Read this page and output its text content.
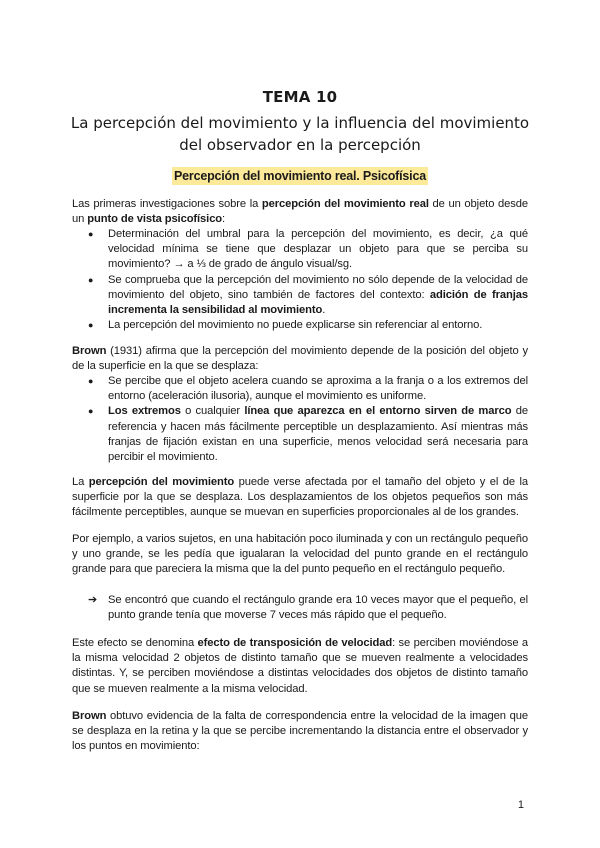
TEMA 10
La percepción del movimiento y la influencia del movimiento del observador en la percepción
Percepción del movimiento real. Psicofísica
Las primeras investigaciones sobre la percepción del movimiento real de un objeto desde un punto de vista psicofísico:
● Determinación del umbral para la percepción del movimiento, es decir, ¿a qué velocidad mínima se tiene que desplazar un objeto para que se perciba su movimiento? → a ⅓ de grado de ángulo visual/sg.
● Se comprueba que la percepción del movimiento no sólo depende de la velocidad de movimiento del objeto, sino también de factores del contexto: adición de franjas incrementa la sensibilidad al movimiento.
● La percepción del movimiento no puede explicarse sin referenciar al entorno.
Brown (1931) afirma que la percepción del movimiento depende de la posición del objeto y de la superficie en la que se desplaza:
● Se percibe que el objeto acelera cuando se aproxima a la franja o a los extremos del entorno (aceleración ilusoria), aunque el movimiento es uniforme.
● Los extremos o cualquier línea que aparezca en el entorno sirven de marco de referencia y hacen más fácilmente perceptible un desplazamiento. Así mientras más franjas de fijación existan en una superficie, menos velocidad será necesaria para percibir el movimiento.
La percepción del movimiento puede verse afectada por el tamaño del objeto y el de la superficie por la que se desplaza. Los desplazamientos de los objetos pequeños son más fácilmente perceptibles, aunque se muevan en superficies proporcionales al de los grandes.
Por ejemplo, a varios sujetos, en una habitación poco iluminada y con un rectángulo pequeño y uno grande, se les pedía que igualaran la velocidad del punto grande en el rectángulo grande para que pareciera la misma que la del punto pequeño en el rectángulo pequeño.
➔ Se encontró que cuando el rectángulo grande era 10 veces mayor que el pequeño, el punto grande tenía que moverse 7 veces más rápido que el pequeño.
Este efecto se denomina efecto de transposición de velocidad: se perciben moviéndose a la misma velocidad 2 objetos de distinto tamaño que se mueven realmente a velocidades distintas. Y, se perciben moviéndose a distintas velocidades dos objetos de distinto tamaño que se mueven realmente a la misma velocidad.
Brown obtuvo evidencia de la falta de correspondencia entre la velocidad de la imagen que se desplaza en la retina y la que se percibe incrementando la distancia entre el observador y los puntos en movimiento:
1
